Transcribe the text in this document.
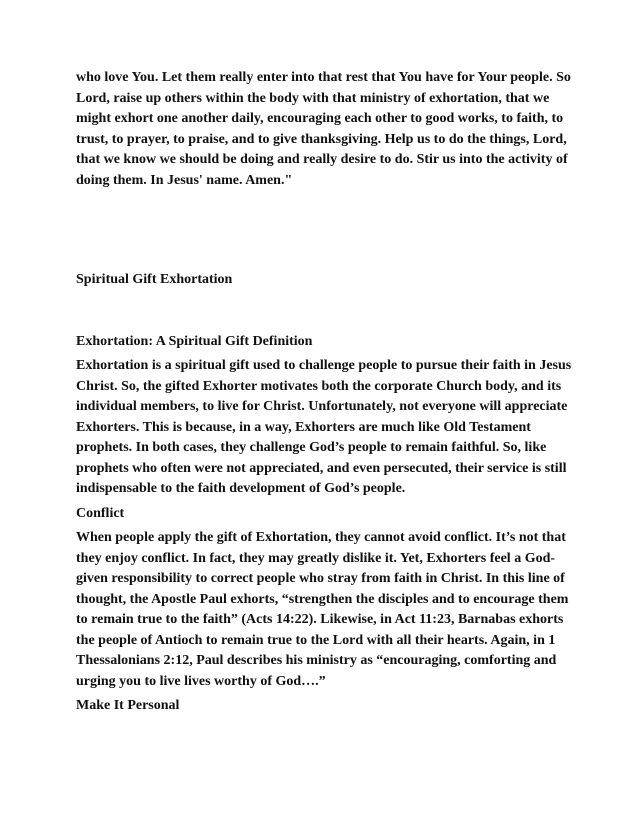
who love You. Let them really enter into that rest that You have for Your people. So Lord, raise up others within the body with that ministry of exhortation, that we might exhort one another daily, encouraging each other to good works, to faith, to trust, to prayer, to praise, and to give thanksgiving. Help us to do the things, Lord, that we know we should be doing and really desire to do. Stir us into the activity of doing them. In Jesus' name. Amen."

Spiritual Gift Exhortation

Exhortation: A Spiritual Gift Definition

Exhortation is a spiritual gift used to challenge people to pursue their faith in Jesus Christ. So, the gifted Exhorter motivates both the corporate Church body, and its individual members, to live for Christ. Unfortunately, not everyone will appreciate Exhorters. This is because, in a way, Exhorters are much like Old Testament prophets. In both cases, they challenge God’s people to remain faithful. So, like prophets who often were not appreciated, and even persecuted, their service is still indispensable to the faith development of God’s people.

Conflict

When people apply the gift of Exhortation, they cannot avoid conflict. It’s not that they enjoy conflict. In fact, they may greatly dislike it. Yet, Exhorters feel a God-given responsibility to correct people who stray from faith in Christ. In this line of thought, the Apostle Paul exhorts, “strengthen the disciples and to encourage them to remain true to the faith” (Acts 14:22). Likewise, in Act 11:23, Barnabas exhorts the people of Antioch to remain true to the Lord with all their hearts. Again, in 1 Thessalonians 2:12, Paul describes his ministry as “encouraging, comforting and urging you to live lives worthy of God….”

Make It Personal
